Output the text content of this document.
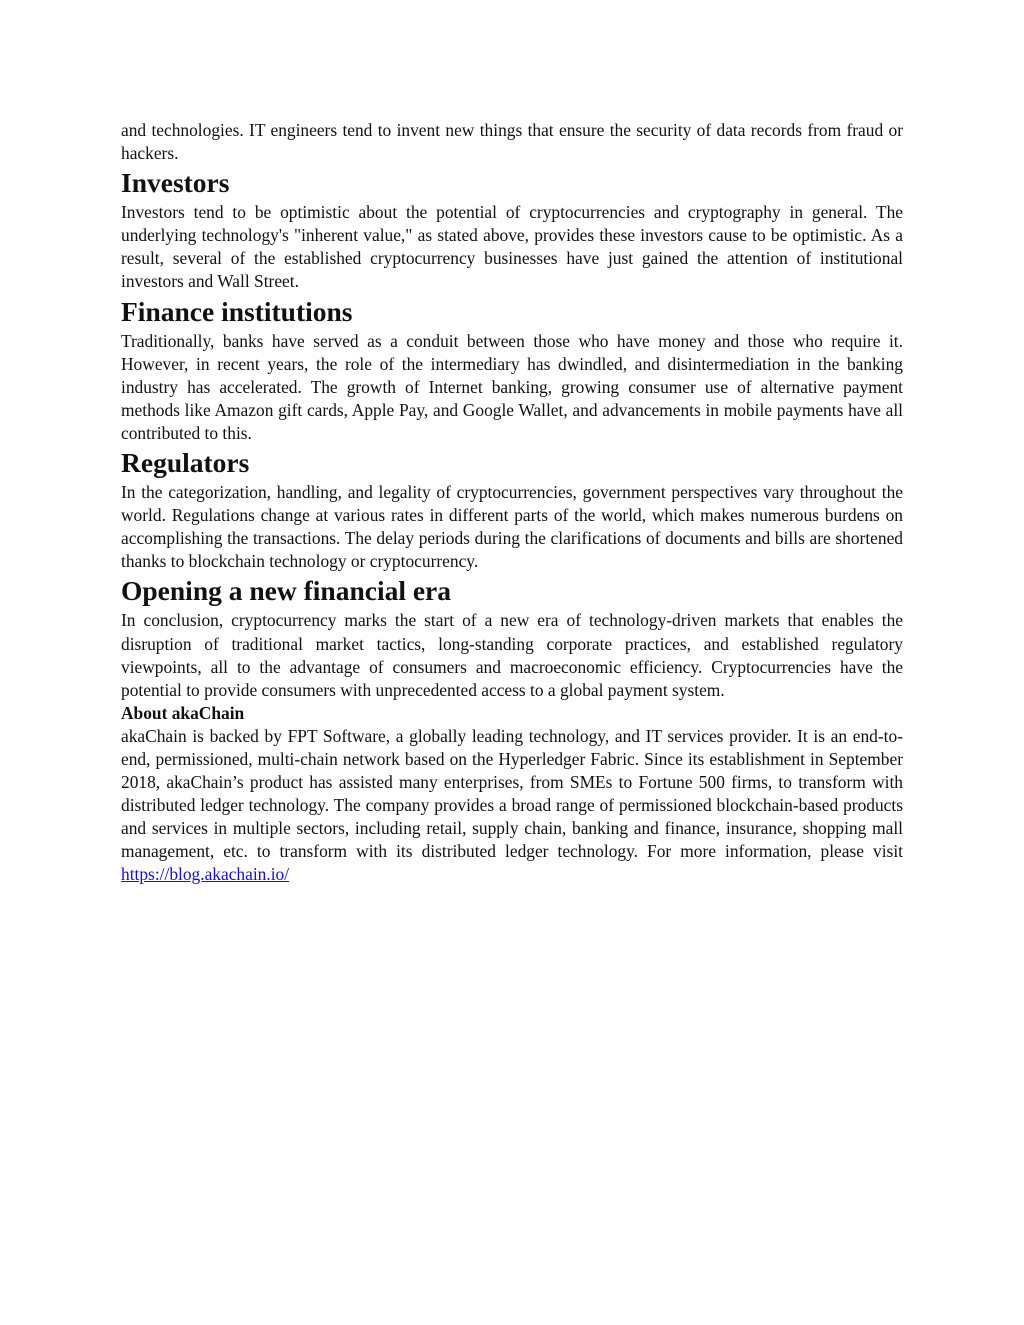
and technologies. IT engineers tend to invent new things that ensure the security of data records from fraud or hackers.

Investors

Investors tend to be optimistic about the potential of cryptocurrencies and cryptography in general. The underlying technology's "inherent value," as stated above, provides these investors cause to be optimistic. As a result, several of the established cryptocurrency businesses have just gained the attention of institutional investors and Wall Street.

Finance institutions

Traditionally, banks have served as a conduit between those who have money and those who require it. However, in recent years, the role of the intermediary has dwindled, and disintermediation in the banking industry has accelerated. The growth of Internet banking, growing consumer use of alternative payment methods like Amazon gift cards, Apple Pay, and Google Wallet, and advancements in mobile payments have all contributed to this.

Regulators

In the categorization, handling, and legality of cryptocurrencies, government perspectives vary throughout the world. Regulations change at various rates in different parts of the world, which makes numerous burdens on accomplishing the transactions. The delay periods during the clarifications of documents and bills are shortened thanks to blockchain technology or cryptocurrency.

Opening a new financial era

In conclusion, cryptocurrency marks the start of a new era of technology-driven markets that enables the disruption of traditional market tactics, long-standing corporate practices, and established regulatory viewpoints, all to the advantage of consumers and macroeconomic efficiency. Cryptocurrencies have the potential to provide consumers with unprecedented access to a global payment system.

About akaChain

akaChain is backed by FPT Software, a globally leading technology, and IT services provider. It is an end-to-end, permissioned, multi-chain network based on the Hyperledger Fabric. Since its establishment in September 2018, akaChain’s product has assisted many enterprises, from SMEs to Fortune 500 firms, to transform with distributed ledger technology. The company provides a broad range of permissioned blockchain-based products and services in multiple sectors, including retail, supply chain, banking and finance, insurance, shopping mall management, etc. to transform with its distributed ledger technology. For more information, please visit https://blog.akachain.io/
